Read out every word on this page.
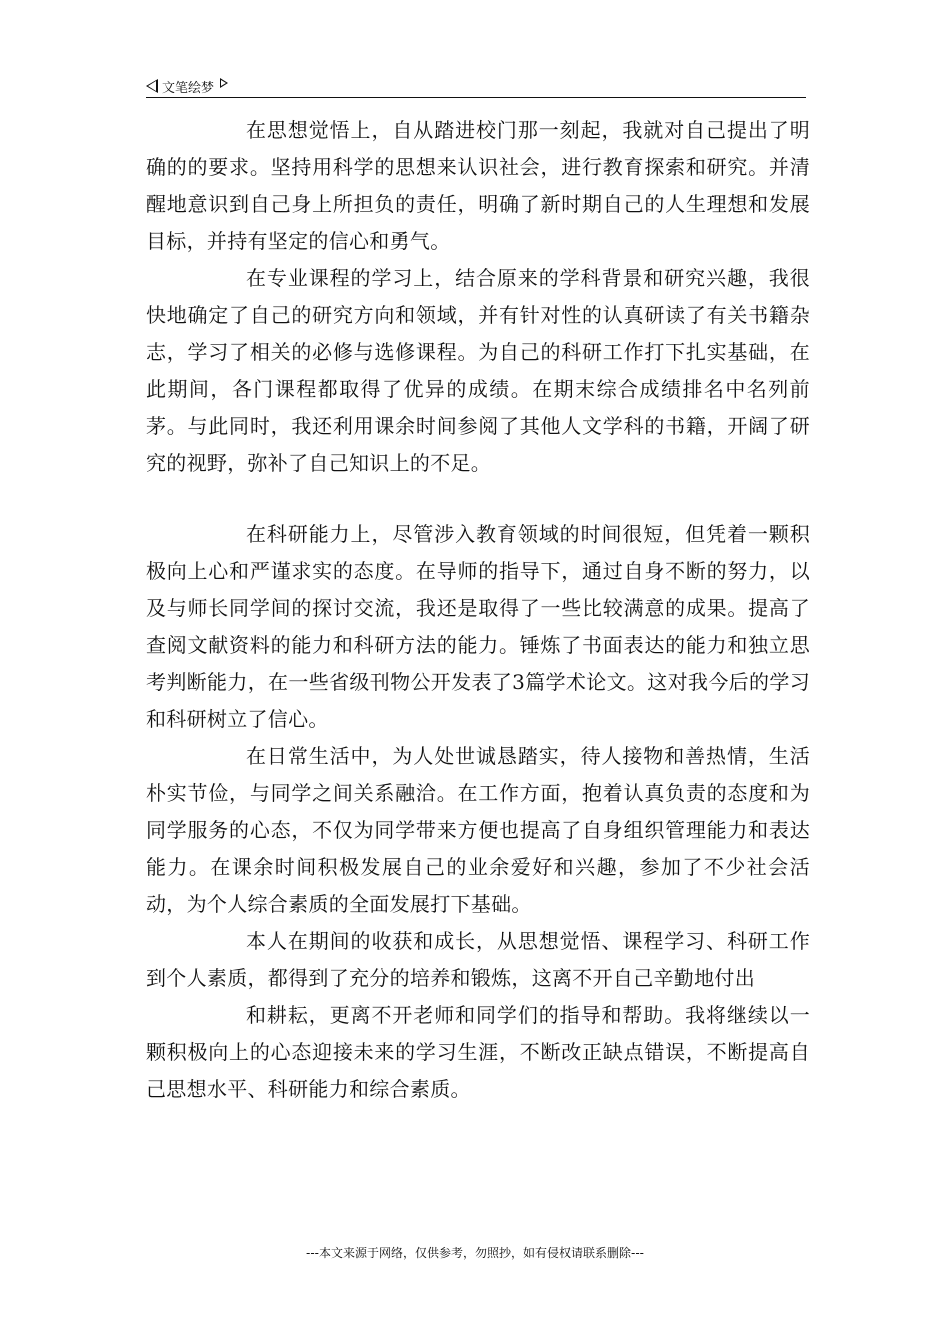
文笔绘梦

在思想觉悟上，自从踏进校门那一刻起，我就对自己提出了明确的的要求。坚持用科学的思想来认识社会，进行教育探索和研究。并清醒地意识到自己身上所担负的责任，明确了新时期自己的人生理想和发展目标，并持有坚定的信心和勇气。

在专业课程的学习上，结合原来的学科背景和研究兴趣，我很快地确定了自己的研究方向和领域，并有针对性的认真研读了有关书籍杂志，学习了相关的必修与选修课程。为自己的科研工作打下扎实基础，在此期间，各门课程都取得了优异的成绩。在期末综合成绩排名中名列前茅。与此同时，我还利用课余时间参阅了其他人文学科的书籍，开阔了研究的视野，弥补了自己知识上的不足。

在科研能力上，尽管涉入教育领域的时间很短，但凭着一颗积极向上心和严谨求实的态度。在导师的指导下，通过自身不断的努力，以及与师长同学间的探讨交流，我还是取得了一些比较满意的成果。提高了查阅文献资料的能力和科研方法的能力。锤炼了书面表达的能力和独立思考判断能力，在一些省级刊物公开发表了3篇学术论文。这对我今后的学习和科研树立了信心。

在日常生活中，为人处世诚恳踏实，待人接物和善热情，生活朴实节俭，与同学之间关系融洽。在工作方面，抱着认真负责的态度和为同学服务的心态，不仅为同学带来方便也提高了自身组织管理能力和表达能力。在课余时间积极发展自己的业余爱好和兴趣，参加了不少社会活动，为个人综合素质的全面发展打下基础。

本人在期间的收获和成长，从思想觉悟、课程学习、科研工作到个人素质，都得到了充分的培养和锻炼，这离不开自己辛勤地付出

和耕耘，更离不开老师和同学们的指导和帮助。我将继续以一颗积极向上的心态迎接未来的学习生涯，不断改正缺点错误，不断提高自己思想水平、科研能力和综合素质。

---本文来源于网络，仅供参考，勿照抄，如有侵权请联系删除---
